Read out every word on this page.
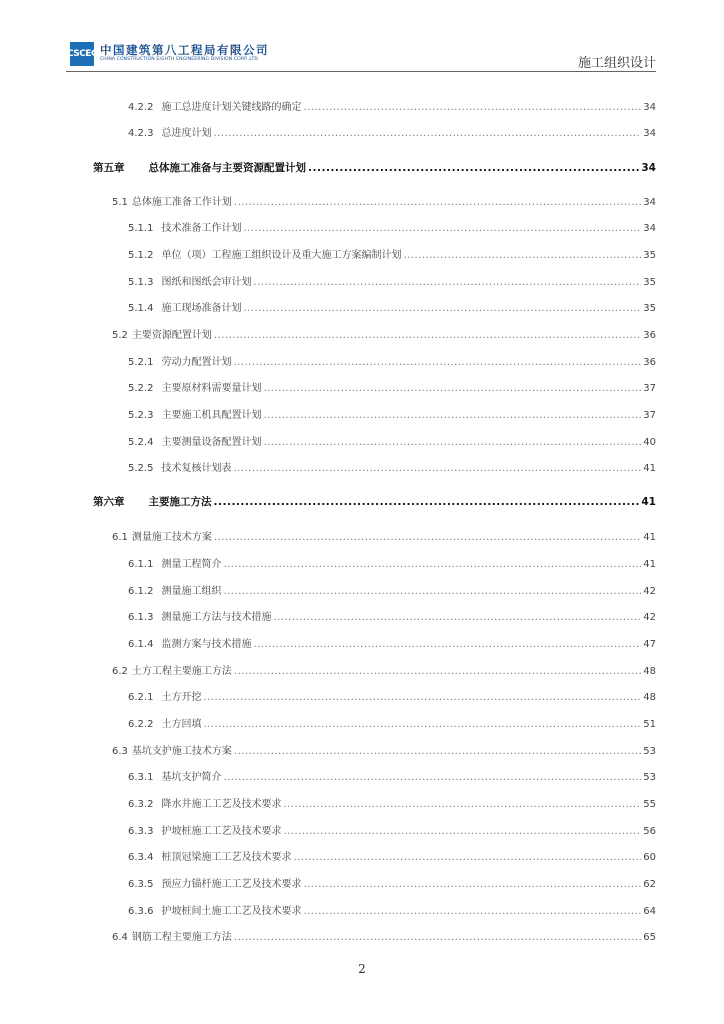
CSCEC 中国建筑第八工程局有限公司
CHINA CONSTRUCTION EIGHTH ENGINEERING DIVISION CORP.,LTD	施工组织设计
4.2.2 施工总进度计划关键线路的确定 .....	34
4.2.3 总进度计划 .....	34
第五章 总体施工准备与主要资源配置计划 .....	34
5.1 总体施工准备工作计划 .....	34
5.1.1 技术准备工作计划 .....	34
5.1.2 单位（项）工程施工组织设计及重大施工方案编制计划 .....	35
5.1.3 图纸和图纸会审计划 .....	35
5.1.4 施工现场准备计划 .....	35
5.2 主要资源配置计划 .....	36
5.2.1 劳动力配置计划 .....	36
5.2.2 主要原材料需要量计划 .....	37
5.2.3 主要施工机具配置计划 .....	37
5.2.4 主要测量设备配置计划 .....	40
5.2.5 技术复核计划表 .....	41
第六章 主要施工方法 .....	41
6.1 测量施工技术方案 .....	41
6.1.1 测量工程简介 .....	41
6.1.2 测量施工组织 .....	42
6.1.3 测量施工方法与技术措施 .....	42
6.1.4 监测方案与技术措施 .....	47
6.2 土方工程主要施工方法 .....	48
6.2.1 土方开挖 .....	48
6.2.2 土方回填 .....	51
6.3 基坑支护施工技术方案 .....	53
6.3.1 基坑支护简介 .....	53
6.3.2 降水井施工工艺及技术要求 .....	55
6.3.3 护坡桩施工工艺及技术要求 .....	56
6.3.4 桩顶冠梁施工工艺及技术要求 .....	60
6.3.5 预应力锚杆施工工艺及技术要求 .....	62
6.3.6 护坡桩间土施工工艺及技术要求 .....	64
6.4 钢筋工程主要施工方法 .....	65
2
